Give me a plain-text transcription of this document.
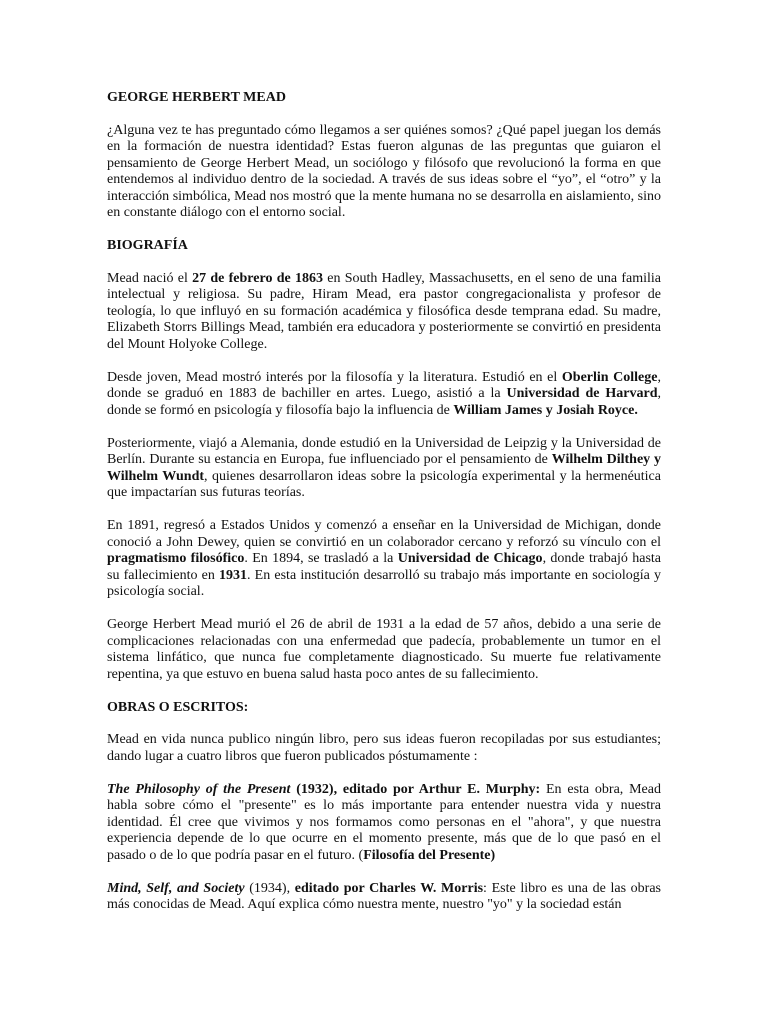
GEORGE HERBERT MEAD

¿Alguna vez te has preguntado cómo llegamos a ser quiénes somos? ¿Qué papel juegan los demás en la formación de nuestra identidad? Estas fueron algunas de las preguntas que guiaron el pensamiento de George Herbert Mead, un sociólogo y filósofo que revolucionó la forma en que entendemos al individuo dentro de la sociedad. A través de sus ideas sobre el “yo”, el “otro” y la interacción simbólica, Mead nos mostró que la mente humana no se desarrolla en aislamiento, sino en constante diálogo con el entorno social.

BIOGRAFÍA

Mead nació el 27 de febrero de 1863 en South Hadley, Massachusetts, en el seno de una familia intelectual y religiosa. Su padre, Hiram Mead, era pastor congregacionalista y profesor de teología, lo que influyó en su formación académica y filosófica desde temprana edad. Su madre, Elizabeth Storrs Billings Mead, también era educadora y posteriormente se convirtió en presidenta del Mount Holyoke College.

Desde joven, Mead mostró interés por la filosofía y la literatura. Estudió en el Oberlin College, donde se graduó en 1883 de bachiller en artes. Luego, asistió a la Universidad de Harvard, donde se formó en psicología y filosofía bajo la influencia de William James y Josiah Royce.

Posteriormente, viajó a Alemania, donde estudió en la Universidad de Leipzig y la Universidad de Berlín. Durante su estancia en Europa, fue influenciado por el pensamiento de Wilhelm Dilthey y Wilhelm Wundt, quienes desarrollaron ideas sobre la psicología experimental y la hermenéutica que impactarían sus futuras teorías.

En 1891, regresó a Estados Unidos y comenzó a enseñar en la Universidad de Michigan, donde conoció a John Dewey, quien se convirtió en un colaborador cercano y reforzó su vínculo con el pragmatismo filosófico. En 1894, se trasladó a la Universidad de Chicago, donde trabajó hasta su fallecimiento en 1931. En esta institución desarrolló su trabajo más importante en sociología y psicología social.

George Herbert Mead murió el 26 de abril de 1931 a la edad de 57 años, debido a una serie de complicaciones relacionadas con una enfermedad que padecía, probablemente un tumor en el sistema linfático, que nunca fue completamente diagnosticado. Su muerte fue relativamente repentina, ya que estuvo en buena salud hasta poco antes de su fallecimiento.

OBRAS O ESCRITOS:

Mead en vida nunca publico ningún libro, pero sus ideas fueron recopiladas por sus estudiantes; dando lugar a cuatro libros que fueron publicados póstumamente :

The Philosophy of the Present (1932), editado por Arthur E. Murphy: En esta obra, Mead habla sobre cómo el "presente" es lo más importante para entender nuestra vida y nuestra identidad. Él cree que vivimos y nos formamos como personas en el "ahora", y que nuestra experiencia depende de lo que ocurre en el momento presente, más que de lo que pasó en el pasado o de lo que podría pasar en el futuro. (Filosofía del Presente)

Mind, Self, and Society (1934), editado por Charles W. Morris: Este libro es una de las obras más conocidas de Mead. Aquí explica cómo nuestra mente, nuestro "yo" y la sociedad están
